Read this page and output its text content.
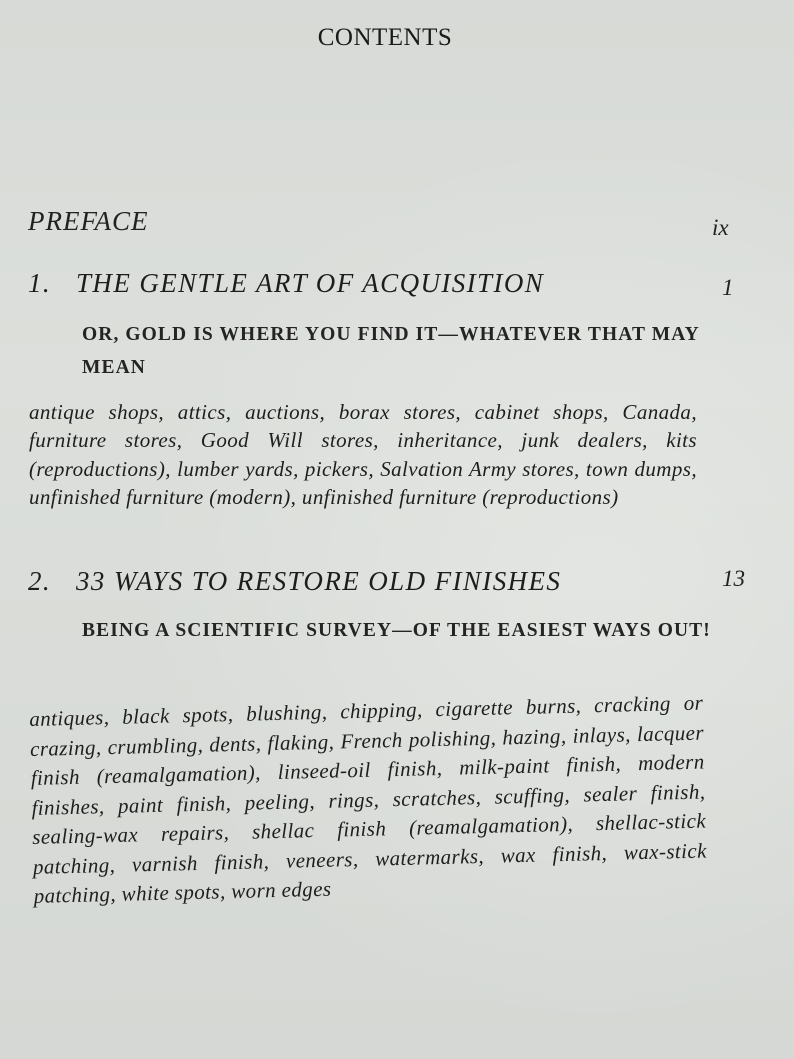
CONTENTS
PREFACE	ix
1. THE GENTLE ART OF ACQUISITION	1
OR, GOLD IS WHERE YOU FIND IT—WHATEVER THAT MAY MEAN
antique shops, attics, auctions, borax stores, cabinet shops, Canada, furniture stores, Good Will stores, inheritance, junk dealers, kits (reproductions), lumber yards, pickers, Salvation Army stores, town dumps, unfinished furniture (modern), unfinished furniture (reproductions)
2. 33 WAYS TO RESTORE OLD FINISHES	13
BEING A SCIENTIFIC SURVEY—OF THE EASIEST WAYS OUT!
antiques, black spots, blushing, chipping, cigarette burns, cracking or crazing, crumbling, dents, flaking, French polishing, hazing, inlays, lacquer finish (reamalgamation), linseed-oil finish, milk-paint finish, modern finishes, paint finish, peeling, rings, scratches, scuffing, sealer finish, sealing-wax repairs, shellac finish (reamalgamation), shellac-stick patching, varnish finish, veneers, watermarks, wax finish, wax-stick patching, white spots, worn edges
